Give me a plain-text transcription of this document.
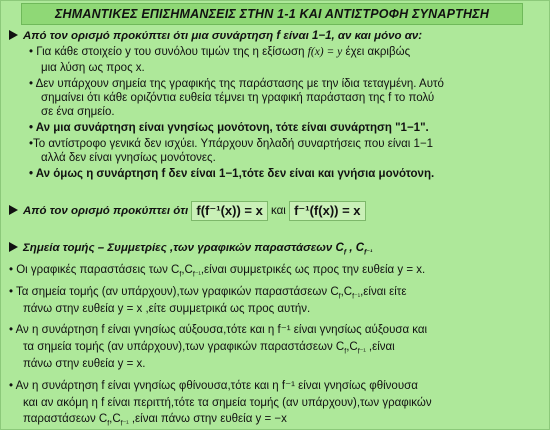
ΣΗΜΑΝΤΙΚΕΣ ΕΠΙΣΗΜΑΝΣΕΙΣ ΣΤΗΝ 1-1 ΚΑΙ ΑΝΤΙΣΤΡΟΦΗ ΣΥΝΑΡΤΗΣΗ
Από τον ορισμό προκύπτει ότι μια συνάρτηση f είναι 1−1, αν και μόνο αν:
• Για κάθε στοιχείο y του συνόλου τιμών της η εξίσωση f(x) = y έχει ακριβώς
μια λύση ως προς x.
• Δεν υπάρχουν σημεία της γραφικής της παράστασης με την ίδια τεταγμένη. Αυτό
σημαίνει ότι κάθε οριζόντια ευθεία τέμνει τη γραφική παράσταση της f το πολύ
σε ένα σημείο.
• Αν μια συνάρτηση είναι γνησίως μονότονη, τότε είναι συνάρτηση "1−1".
•Το αντίστροφο γενικά δεν ισχύει. Υπάρχουν δηλαδή συναρτήσεις που είναι 1−1
αλλά δεν είναι γνησίως μονότονες.
• Αν όμως η συνάρτηση f δεν είναι 1−1,τότε δεν είναι και γνήσια μονότονη.
Από τον ορισμό προκύπτει ότι f(f⁻¹(x)) = x και f⁻¹(f(x)) = x
Σημεία τομής – Συμμετρίες ,των γραφικών παραστάσεων $C_f$ , $C_{f^{-1}}$
• Οι γραφικές παραστάσεις των $C_f,C_{f^{-1}},\varepsilon ί\nu\alpha\iota$ συμμετρικές ως προς την ευθεία y = x.
• Τα σημεία τομής (αν υπάρχουν),των γραφικών παραστάσεων $C_f,C_{f^{-1}},\varepsilon ί\nu\alpha\iota$ είτε
πάνω στην ευθεία y = x ,είτε συμμετρικά ως προς αυτήν.
• Αν η συνάρτηση f είναι γνησίως αύξουσα,τότε και η f⁻¹ είναι γνησίως αύξουσα και
τα σημεία τομής (αν υπάρχουν),των γραφικών παραστάσεων $C_f,C_{f^{-1}}$ ,είναι
πάνω στην ευθεία y = x.
• Αν η συνάρτηση f είναι γνησίως φθίνουσα,τότε και η f⁻¹ είναι γνησίως φθίνουσα
και αν ακόμη η f είναι περιττή,τότε τα σημεία τομής (αν υπάρχουν),των γραφικών
παραστάσεων $C_f,C_{f^{-1}}$ ,είναι πάνω στην ευθεία y = −x
